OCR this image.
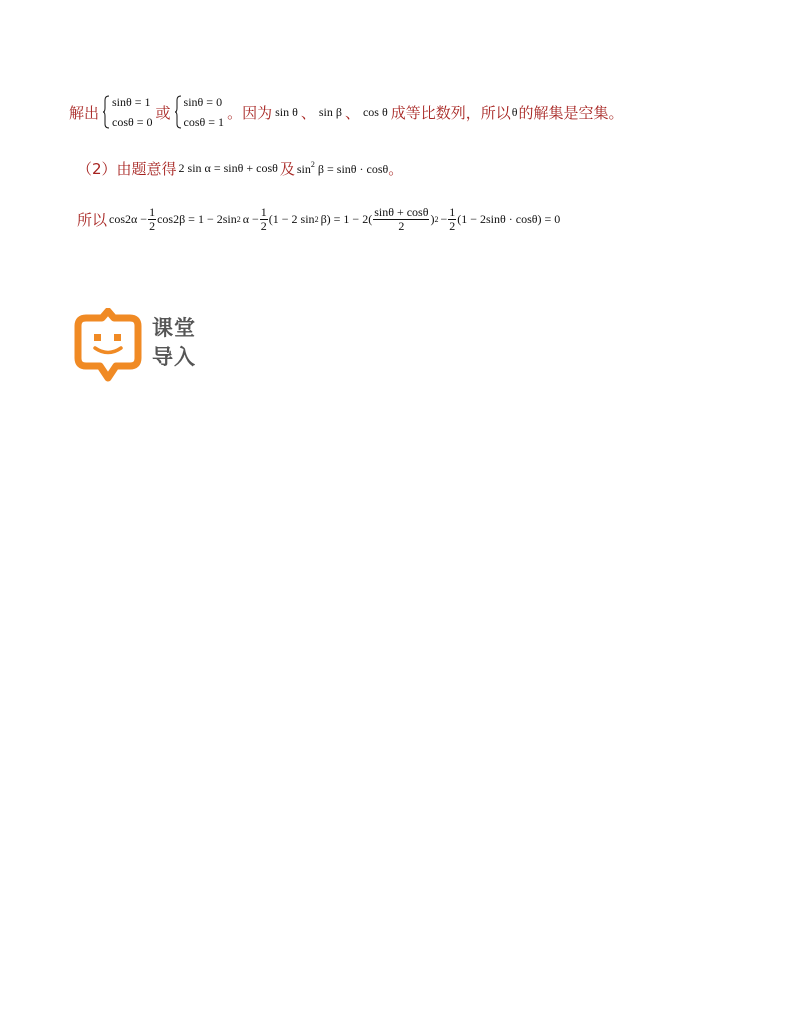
解出
sinθ = 1
cosθ = 0
或
sinθ = 0
cosθ = 1
。因为 sin θ 、 sin β 、 cos θ 成等比数列，所以 θ 的解集是空集。
（2）由题意得 2 sin α = sinθ + cosθ 及 $\sin^2 \beta = \sin\theta \cdot \cos\theta$ 。
所以 $\cos 2\alpha - \frac{1}{2} \cos 2\beta = 1 - 2\sin$ 2 $\alpha - \frac{1}{2} (1 - 2$ sin 2 $\beta) = 1 - 2( \frac{\sin\theta + \cos\theta}{2}$ ) $2 - \frac{1}{2} (1 - 2\sin\theta \cdot \cos\theta) = 0$
课堂
导入
